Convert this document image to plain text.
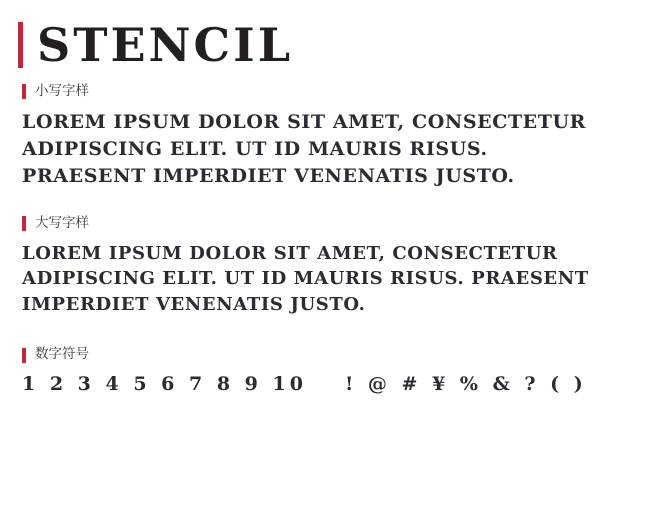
STENCIL
小写字样
LOREM IPSUM DOLOR SIT AMET, CONSECTETUR ADIPISCING ELIT. UT ID MAURIS RISUS. PRAESENT IMPERDIET VENENATIS JUSTO.
大写字样
LOREM IPSUM DOLOR SIT AMET, CONSECTETUR ADIPISCING ELIT. UT ID MAURIS RISUS. PRAESENT IMPERDIET VENENATIS JUSTO.
数字符号
1 2 3 4 5 6 7 8 9 10 ! @ # ¥ % & ? ( )
